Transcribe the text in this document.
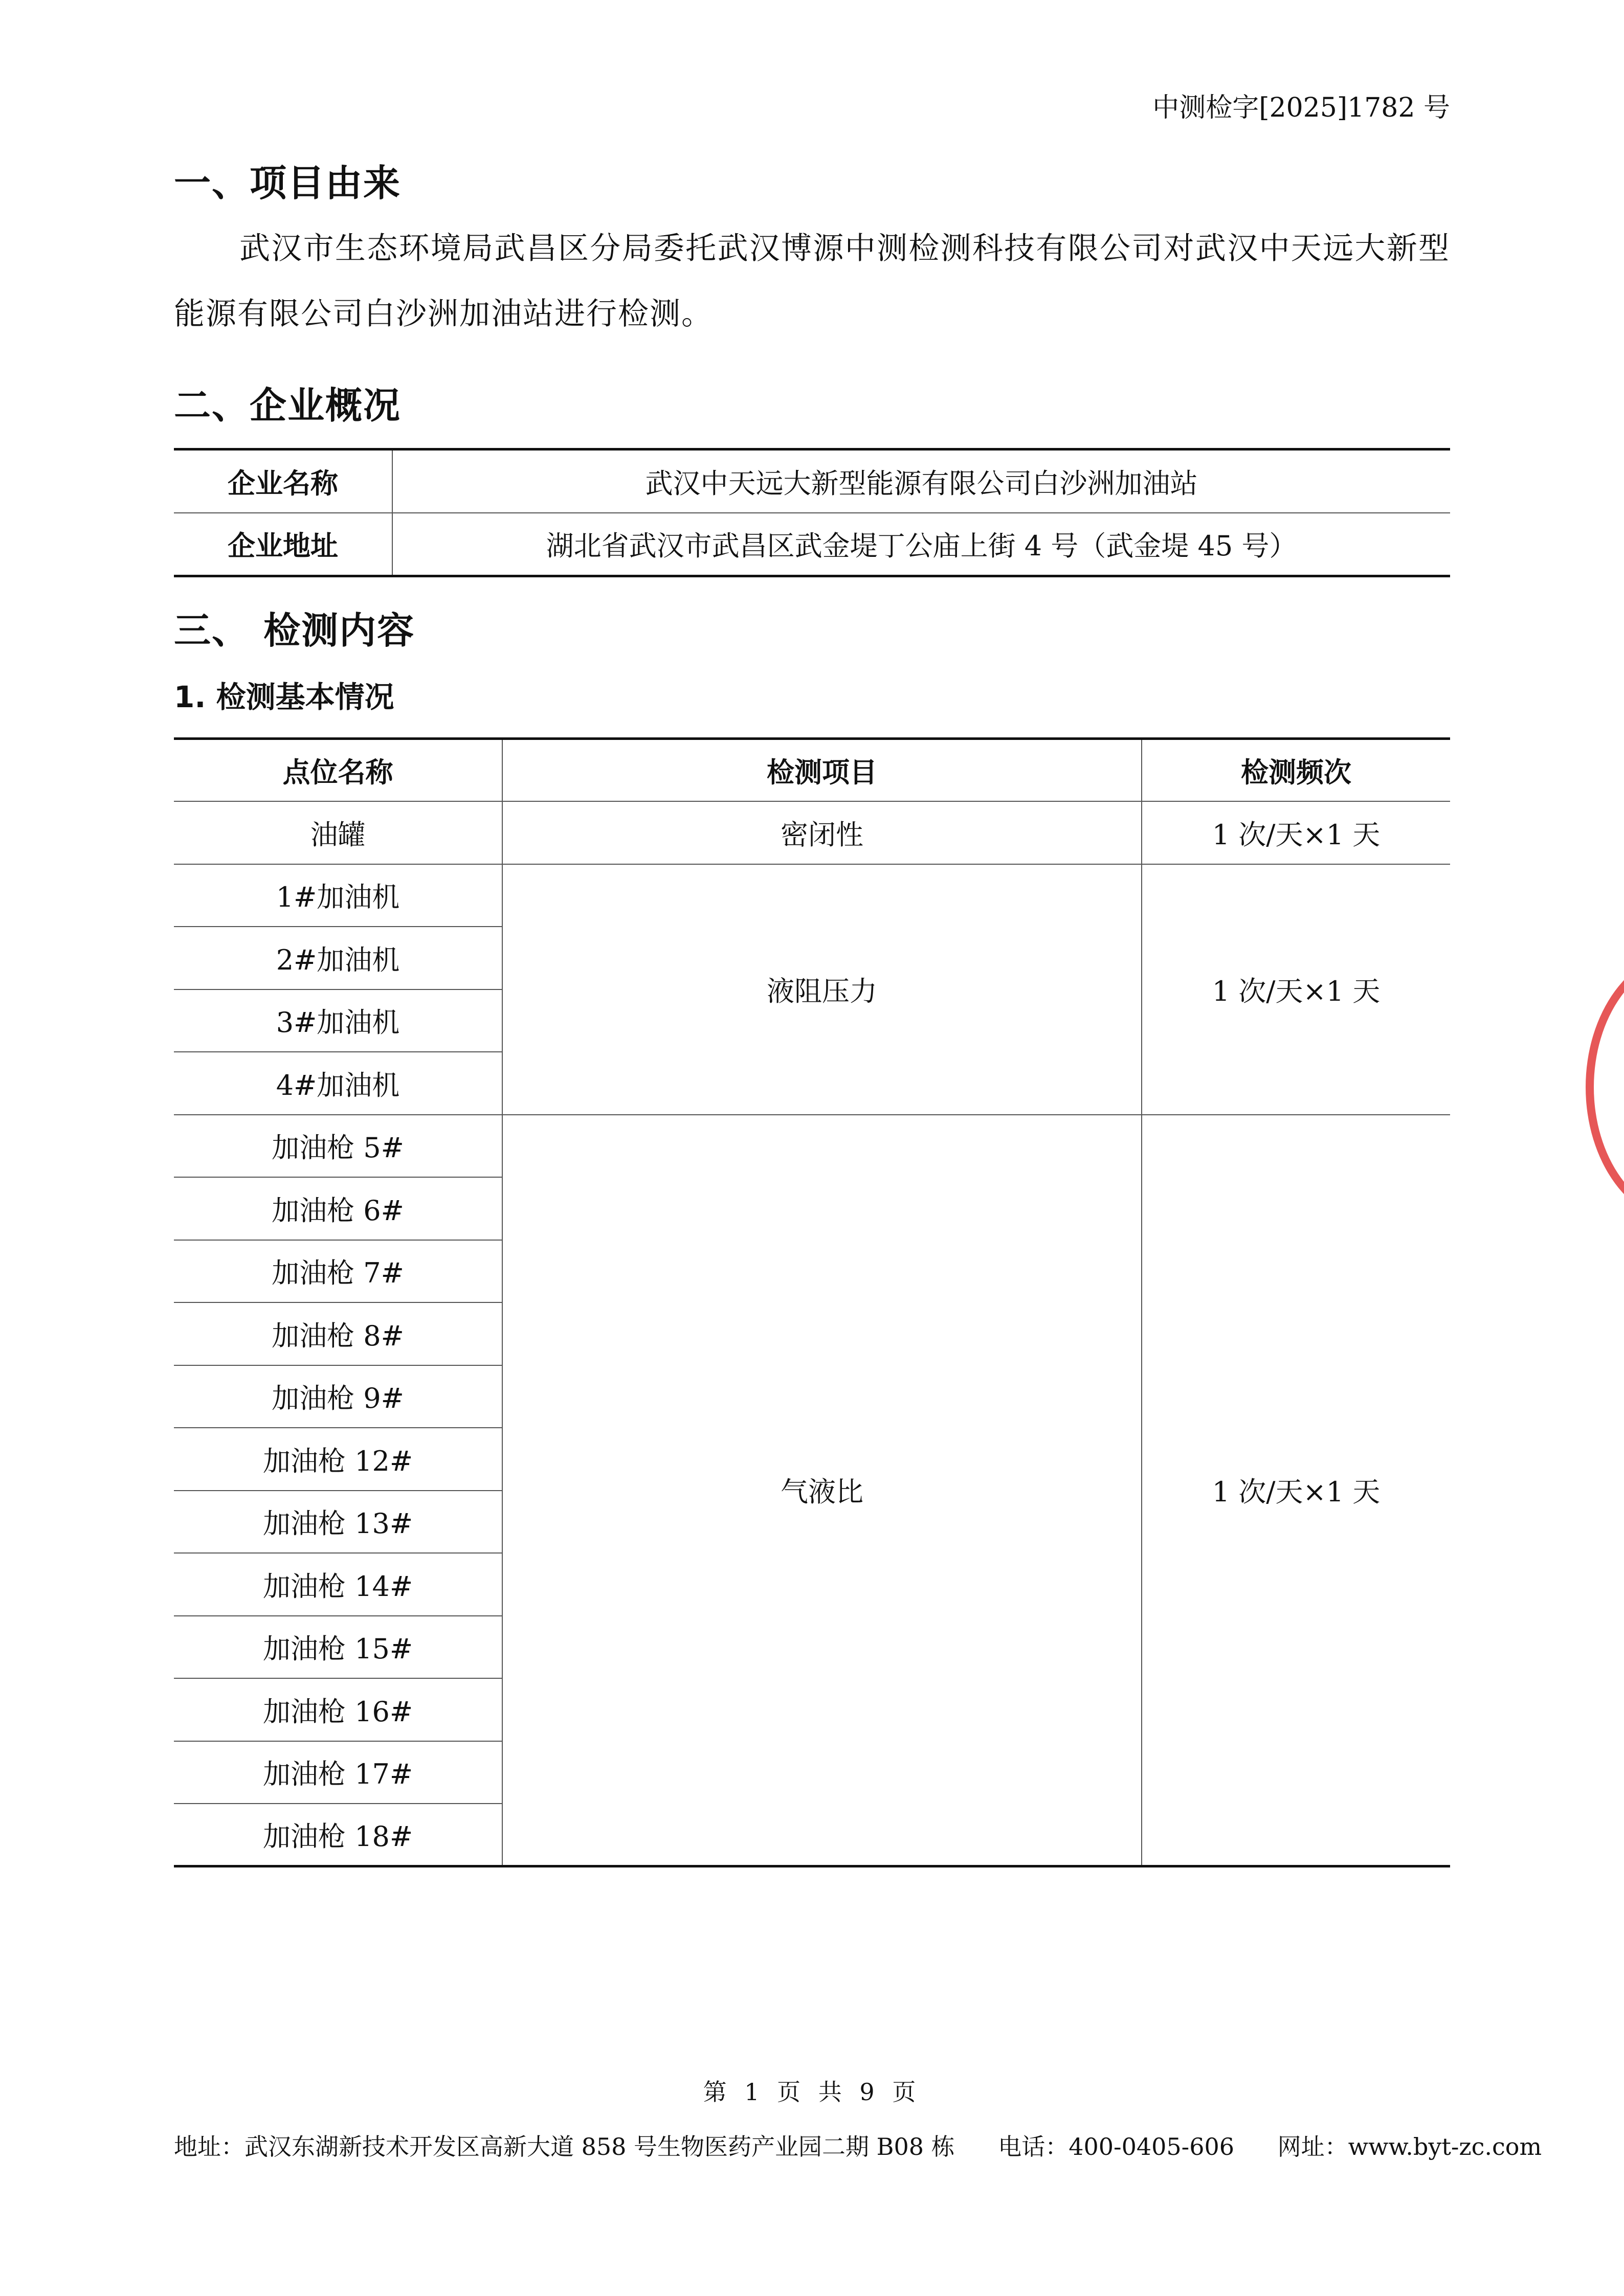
中测检字[2025]1782 号
一、项目由来
武汉市生态环境局武昌区分局委托武汉博源中测检测科技有限公司对武汉中天远大新型能源有限公司白沙洲加油站进行检测。
二、企业概况
企业名称	武汉中天远大新型能源有限公司白沙洲加油站
企业地址	湖北省武汉市武昌区武金堤丁公庙上街 4 号（武金堤 45 号）
三、 检测内容
1. 检测基本情况
点位名称	检测项目	检测频次
油罐	密闭性	1 次/天×1 天
1#加油机	液阻压力	1 次/天×1 天
2#加油机		
3#加油机		
4#加油机		
加油枪 5#	气液比	1 次/天×1 天
加油枪 6#		
加油枪 7#		
加油枪 8#		
加油枪 9#		
加油枪 12#		
加油枪 13#		
加油枪 14#		
加油枪 15#		
加油枪 16#		
加油枪 17#		
加油枪 18#		
第 1 页 共 9 页
地址：武汉东湖新技术开发区高新大道 858 号生物医药产业园二期 B08 栋 电话：400-0405-606 网址：www.byt-zc.com
